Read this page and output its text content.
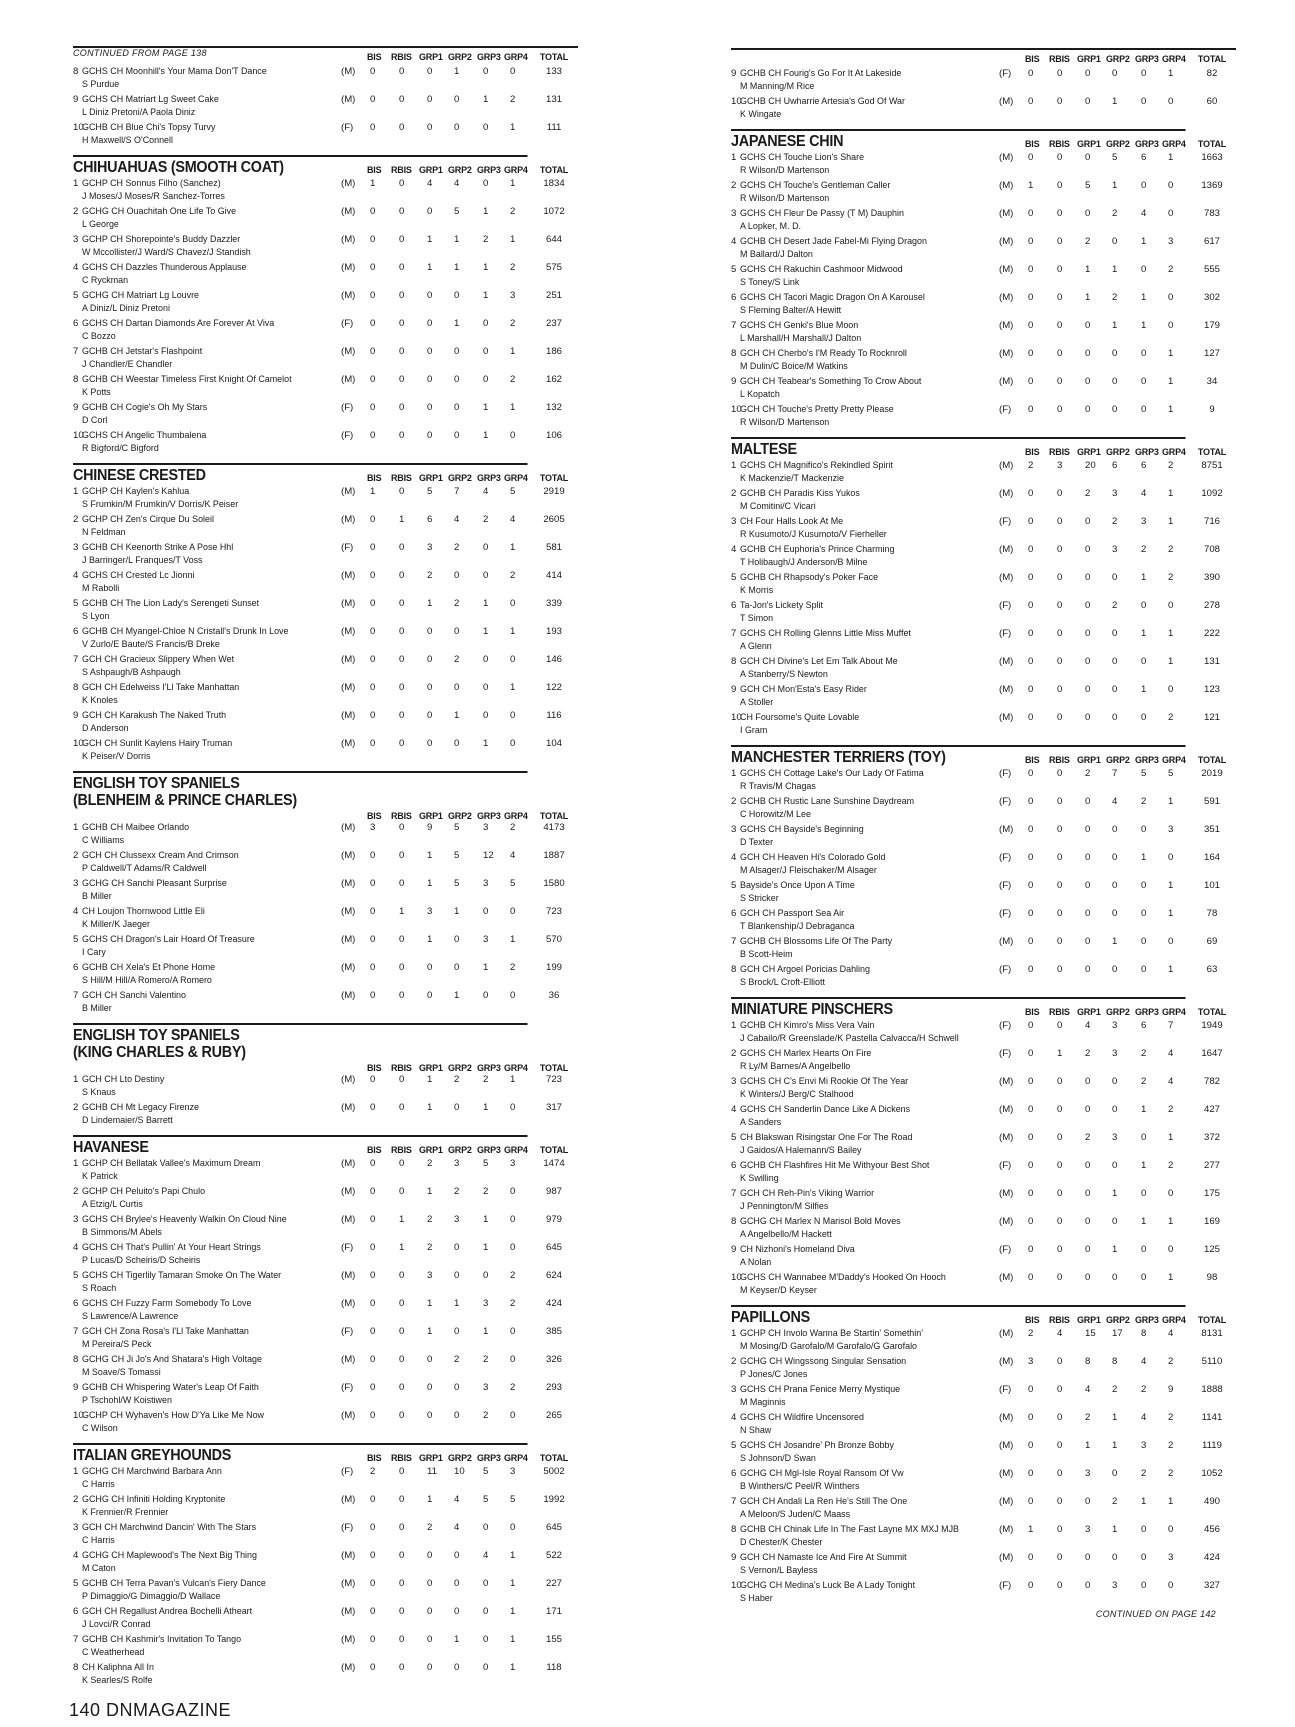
CONTINUED FROM PAGE 138	BIS RBIS GRP1 GRP2 GRP3 GRP4	TOTAL
8 GCHS CH Moonhill's Your Mama Don'T Dance	(M) 0 0 0 1 0 0	133
S Purdue
9 GCHS CH Matriart Lg Sweet Cake	(M) 0 0 0 0 1 2	131
L Diniz Pretoni/A Paola Diniz
10
GCHB CH Blue Chi's Topsy Turvy	(F) 0 0 0 0 0 1	111
H Maxwell/S O'Connell
CHIHUAHUAS (SMOOTH COAT)	BIS RBIS GRP1 GRP2 GRP3 GRP4	TOTAL
1 GCHP CH Sonnus Filho (Sanchez)	(M) 1 0 4 4 0 1	1834
J Moses/J Moses/R Sanchez-Torres
2 GCHG CH Ouachitah One Life To Give	(M) 0 0 0 5 1 2	1072
L George
3 GCHP CH Shorepointe's Buddy Dazzler	(M) 0 0 1 1 2 1	644
W Mccollister/J Ward/S Chavez/J Standish
4 GCHS CH Dazzles Thunderous Applause	(M) 0 0 1 1 1 2	575
C Ryckman
5 GCHG CH Matriart Lg Louvre	(M) 0 0 0 0 1 3	251
A Diniz/L Diniz Pretoni
6 GCHS CH Dartan Diamonds Are Forever At Viva	(F) 0 0 0 1 0 2	237
C Bozzo
7 GCHB CH Jetstar's Flashpoint	(M) 0 0 0 0 0 1	186
J Chandler/E Chandler
8 GCHB CH Weestar Timeless First Knight Of Camelot	(M) 0 0 0 0 0 2	162
K Potts
9 GCHB CH Cogie's Oh My Stars	(F) 0 0 0 0 1 1	132
D Corl
10
GCHS CH Angelic Thumbalena	(F) 0 0 0 0 1 0	106
R Bigford/C Bigford
CHINESE CRESTED	BIS RBIS GRP1 GRP2 GRP3 GRP4	TOTAL
1 GCHP CH Kaylen's Kahlua	(M) 1 0 5 7 4 5	2919
S Frumkin/M Frumkin/V Dorris/K Peiser
2 GCHP CH Zen's Cirque Du Soleil	(M) 0 1 6 4 2 4	2605
N Feldman
3 GCHB CH Keenorth Strike A Pose Hhl	(F) 0 0 3 2 0 1	581
J Barringer/L Franques/T Voss
4 GCHS CH Crested Lc Jionni	(M) 0 0 2 0 0 2	414
M Rabolli
5 GCHB CH The Lion Lady's Serengeti Sunset	(M) 0 0 1 2 1 0	339
S Lyon
6 GCHB CH Myangel-Chloe N Cristall's Drunk In Love	(M) 0 0 0 0 1 1	193
V Zurlo/E Baute/S Francis/B Dreke
7 GCH CH Gracieux Slippery When Wet	(M) 0 0 0 2 0 0	146
S Ashpaugh/B Ashpaugh
8 GCH CH Edelweiss I'Ll Take Manhattan	(M) 0 0 0 0 0 1	122
K Knoles
9 GCH CH Karakush The Naked Truth	(M) 0 0 0 1 0 0	116
D Anderson
10
GCH CH Sunlit Kaylens Hairy Truman	(M) 0 0 0 0 1 0	104
K Peiser/V Dorris
ENGLISH TOY SPANIELS
(BLENHEIM & PRINCE CHARLES)
BIS RBIS GRP1 GRP2 GRP3 GRP4	TOTAL
1 GCHB CH Maibee Orlando	(M) 3 0 9 5 3 2	4173
C Williams
2 GCH CH Clussexx Cream And Crimson	(M) 0 0 1 5 12 4	1887
P Caldwell/T Adams/R Caldwell
3 GCHG CH Sanchi Pleasant Surprise	(M) 0 0 1 5 3 5	1580
B Miller
4 CH Loujon Thornwood Little Eli	(M) 0 1 3 1 0 0	723
K Miller/K Jaeger
5 GCHS CH Dragon's Lair Hoard Of Treasure	(M) 0 0 1 0 3 1	570
I Cary
6 GCHB CH Xela's Et Phone Home	(M) 0 0 0 0 1 2	199
S Hill/M Hill/A Romero/A Romero
7 GCH CH Sanchi Valentino	(M) 0 0 0 1 0 0	36
B Miller
ENGLISH TOY SPANIELS
(KING CHARLES & RUBY)
BIS RBIS GRP1 GRP2 GRP3 GRP4	TOTAL
1 GCH CH Lto Destiny	(M) 0 0 1 2 2 1	723
S Knaus
2 GCHB CH Mt Legacy Firenze	(M) 0 0 1 0 1 0	317
D Lindemaier/S Barrett
HAVANESE	BIS RBIS GRP1 GRP2 GRP3 GRP4	TOTAL
1 GCHP CH Bellatak Vallee's Maximum Dream	(M) 0 0 2 3 5 3	1474
K Patrick
2 GCHP CH Peluito's Papi Chulo	(M) 0 0 1 2 2 0	987
A Etzig/L Curtis
3 GCHS CH Brylee's Heavenly Walkin On Cloud Nine	(M) 0 1 2 3 1 0	979
B Simmons/M Abels
4 GCHS CH That's Pullin' At Your Heart Strings	(F) 0 1 2 0 1 0	645
P Lucas/D Scheiris/D Scheiris
5 GCHS CH Tigerlily Tamaran Smoke On The Water	(M) 0 0 3 0 0 2	624
S Roach
6 GCHS CH Fuzzy Farm Somebody To Love	(M) 0 0 1 1 3 2	424
S Lawrence/A Lawrence
7 GCH CH Zona Rosa's I'Ll Take Manhattan	(F) 0 0 1 0 1 0	385
M Pereira/S Peck
8 GCHG CH Ji Jo's And Shatara's High Voltage	(M) 0 0 0 2 2 0	326
M Soave/S Tomassi
9 GCHB CH Whispering Water's Leap Of Faith	(F) 0 0 0 0 3 2	293
P Tschohl/W Koistiwen
10
GCHP CH Wyhaven's How D'Ya Like Me Now	(M) 0 0 0 0 2 0	265
C Wilson
ITALIAN GREYHOUNDS	BIS RBIS GRP1 GRP2 GRP3 GRP4	TOTAL
1 GCHG CH Marchwind Barbara Ann	(F) 2 0 11 10 5 3	5002
C Harris
2 GCHG CH Infiniti Holding Kryptonite	(M) 0 0 1 4 5 5	1992
K Frennier/R Frennier
3 GCH CH Marchwind Dancin' With The Stars	(F) 0 0 2 4 0 0	645
C Harris
4 GCHG CH Maplewood's The Next Big Thing	(M) 0 0 0 0 4 1	522
M Caton
5 GCHB CH Terra Pavan's Vulcan's Fiery Dance	(M) 0 0 0 0 0 1	227
P Dimaggio/G Dimaggio/D Wallace
6 GCH CH Regallust Andrea Bochelli Atheart	(M) 0 0 0 0 0 1	171
J Lovci/R Conrad
7 GCHB CH Kashmir's Invitation To Tango	(M) 0 0 0 1 0 1	155
C Weatherhead
8 CH Kaliphna All In	(M) 0 0 0 0 0 1	118
K Searles/S Rolfe
BIS RBIS GRP1 GRP2 GRP3 GRP4	TOTAL
9 GCHB CH Fourig's Go For It At Lakeside	(F) 0 0 0 0 0 1	82
M Manning/M Rice
10
GCHB CH Uwharrie Artesia's God Of War	(M) 0 0 0 1 0 0	60
K Wingate
JAPANESE CHIN	BIS RBIS GRP1 GRP2 GRP3 GRP4	TOTAL
1 GCHS CH Touche Lion's Share	(M) 0 0 0 5 6 1	1663
R Wilson/D Martenson
2 GCHS CH Touche's Gentleman Caller	(M) 1 0 5 1 0 0	1369
R Wilson/D Martenson
3 GCHS CH Fleur De Passy (T M) Dauphin	(M) 0 0 0 2 4 0	783
A Lopker, M. D.
4 GCHB CH Desert Jade Fabel-Mi Flying Dragon	(M) 0 0 2 0 1 3	617
M Ballard/J Dalton
5 GCHS CH Rakuchin Cashmoor Midwood	(M) 0 0 1 1 0 2	555
S Toney/S Link
6 GCHS CH Tacori Magic Dragon On A Karousel	(M) 0 0 1 2 1 0	302
S Fleming Balter/A Hewitt
7 GCHS CH Genki's Blue Moon	(M) 0 0 0 1 1 0	179
L Marshall/H Marshall/J Dalton
8 GCH CH Cherbo's I'M Ready To Rocknroll	(M) 0 0 0 0 0 1	127
M Dulin/C Boice/M Watkins
9 GCH CH Teabear's Something To Crow About	(M) 0 0 0 0 0 1	34
L Kopatch
10
GCH CH Touche's Pretty Pretty Please	(F) 0 0 0 0 0 1	9
R Wilson/D Martenson
MALTESE	BIS RBIS GRP1 GRP2 GRP3 GRP4	TOTAL
1 GCHS CH Magnifico's Rekindled Spirit	(M) 2 3 20 6 6 2	8751
K Mackenzie/T Mackenzie
2 GCHB CH Paradis Kiss Yukos	(M) 0 0 2 3 4 1	1092
M Comitini/C Vicari
3 CH Four Halls Look At Me	(F) 0 0 0 2 3 1	716
R Kusumoto/J Kusumoto/V Fierheller
4 GCHB CH Euphoria's Prince Charming	(M) 0 0 0 3 2 2	708
T Holibaugh/J Anderson/B Milne
5 GCHB CH Rhapsody's Poker Face	(M) 0 0 0 0 1 2	390
K Morris
6 Ta-Jon's Lickety Split	(F) 0 0 0 2 0 0	278
T Simon
7 GCHS CH Rolling Glenns Little Miss Muffet	(F) 0 0 0 0 1 1	222
A Glenn
8 GCH CH Divine's Let Em Talk About Me	(M) 0 0 0 0 0 1	131
A Stanberry/S Newton
9 GCH CH Mon'Esta's Easy Rider	(M) 0 0 0 0 1 0	123
A Stoller
10
CH Foursome's Quite Lovable	(M) 0 0 0 0 0 2	121
I Gram
MANCHESTER TERRIERS (TOY)	BIS RBIS GRP1 GRP2 GRP3 GRP4	TOTAL
1 GCHS CH Cottage Lake's Our Lady Of Fatima	(F) 0 0 2 7 5 5	2019
R Travis/M Chagas
2 GCHB CH Rustic Lane Sunshine Daydream	(F) 0 0 0 4 2 1	591
C Horowitz/M Lee
3 GCHS CH Bayside's Beginning	(M) 0 0 0 0 0 3	351
D Texter
4 GCH CH Heaven Hi's Colorado Gold	(F) 0 0 0 0 1 0	164
M Alsager/J Fleischaker/M Alsager
5 Bayside's Once Upon A Time	(F) 0 0 0 0 0 1	101
S Stricker
6 GCH CH Passport Sea Air	(F) 0 0 0 0 0 1	78
T Blankenship/J Debraganca
7 GCHB CH Blossoms Life Of The Party	(M) 0 0 0 1 0 0	69
B Scott-Heim
8 GCH CH Argoel Poricias Dahling	(F) 0 0 0 0 0 1	63
S Brock/L Croft-Elliott
MINIATURE PINSCHERS	BIS RBIS GRP1 GRP2 GRP3 GRP4	TOTAL
1 GCHB CH Kimro's Miss Vera Vain	(F) 0 0 4 3 6 7	1949
J Cabailo/R Greenslade/K Pastella Calvacca/H Schwell
2 GCHS CH Marlex Hearts On Fire	(F) 0 1 2 3 2 4	1647
R Ly/M Barnes/A Angelbello
3 GCHS CH C's Envi Mi Rookie Of The Year	(M) 0 0 0 0 2 4	782
K Winters/J Berg/C Stalhood
4 GCHS CH Sanderlin Dance Like A Dickens	(M) 0 0 0 0 1 2	427
A Sanders
5 CH Blakswan Risingstar One For The Road	(M) 0 0 2 3 0 1	372
J Gaidos/A Halemann/S Bailey
6 GCHB CH Flashfires Hit Me Withyour Best Shot	(F) 0 0 0 0 1 2	277
K Swilling
7 GCH CH Reh-Pin's Viking Warrior	(M) 0 0 0 1 0 0	175
J Pennington/M Silfies
8 GCHG CH Marlex N Marisol Bold Moves	(M) 0 0 0 0 1 1	169
A Angelbello/M Hackett
9 CH Nizhoni's Homeland Diva	(F) 0 0 0 1 0 0	125
A Nolan
10
GCHS CH Wannabee M'Daddy's Hooked On Hooch	(M) 0 0 0 0 0 1	98
M Keyser/D Keyser
PAPILLONS	BIS RBIS GRP1 GRP2 GRP3 GRP4	TOTAL
1 GCHP CH Involo Wanna Be Startin' Somethin'	(M) 2 4 15 17 8 4	8131
M Mosing/D Garofalo/M Garofalo/G Garofalo
2 GCHG CH Wingssong Singular Sensation	(M) 3 0 8 8 4 2	5110
P Jones/C Jones
3 GCHS CH Prana Fenice Merry Mystique	(F) 0 0 4 2 2 9	1888
M Maginnis
4 GCHS CH Wildfire Uncensored	(M) 0 0 2 1 4 2	1141
N Shaw
5 GCHS CH Josandre' Ph Bronze Bobby	(M) 0 0 1 1 3 2	1119
S Johnson/D Swan
6 GCHG CH Mgl-Isle Royal Ransom Of Vw	(M) 0 0 3 0 2 2	1052
B Winthers/C Peel/R Winthers
7 GCH CH Andali La Ren He's Still The One	(M) 0 0 0 2 1 1	490
A Meloon/S Juden/C Maass
8 GCHB CH Chinak Life In The Fast Layne MX MXJ MJB	(M) 1 0 3 1 0 0	456
D Chester/K Chester
9 GCH CH Namaste Ice And Fire At Summit	(M) 0 0 0 0 0 3	424
S Vernon/L Bayless
10
GCHG CH Medina's Luck Be A Lady Tonight	(F) 0 0 0 3 0 0	327
S Haber
CONTINUED ON PAGE 142
140 DNMAGAZINE
